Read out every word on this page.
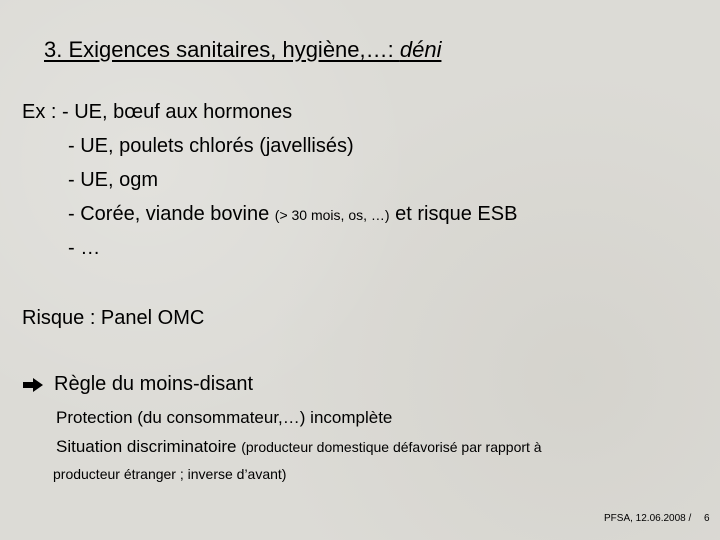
3. Exigences sanitaires, hygiène,…: déni
Ex : - UE, bœuf aux hormones
- UE, poulets chlorés (javellisés)
- UE, ogm
- Corée, viande bovine (> 30 mois, os, …) et risque ESB
- …
Risque : Panel OMC
Règle du moins-disant
Protection (du consommateur,…) incomplète
Situation discriminatoire (producteur domestique défavorisé par rapport à
producteur étranger ; inverse d’avant)
PFSA, 12.06.2008 / 6
